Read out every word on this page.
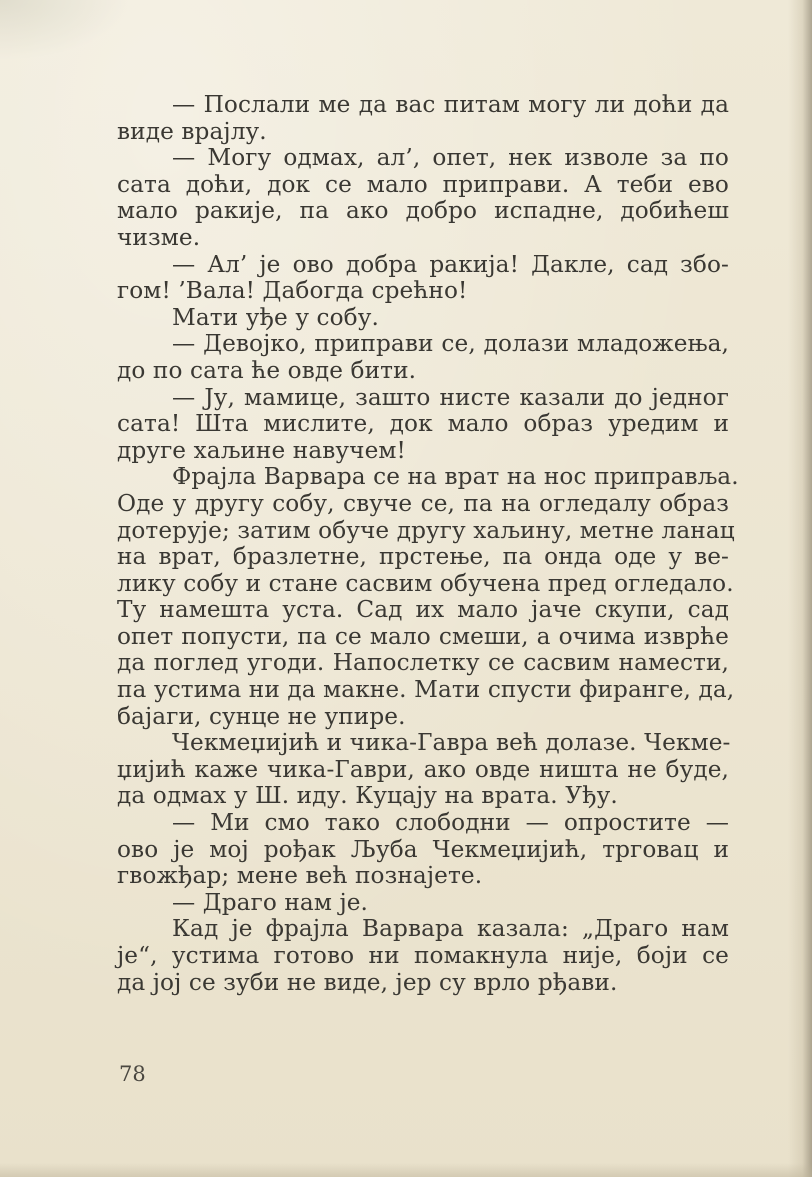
— Послали ме да вас питам могу ли доћи да
виде врајлу.
— Могу одмах, ал’, опет, нек изволе за по
сата доћи, док се мало приправи. А теби ево
мало ракије, па ако добро испадне, добићеш
чизме.
— Ал’ је ово добра ракија! Дакле, сад збо-
гом! ’Вала! Дабогда срећно!
Мати уђе у собу.
— Девојко, приправи се, долази младожења,
до по сата ће овде бити.
— Ју, мамице, зашто нисте казали до једног
сата! Шта мислите, док мало образ уредим и
друге хаљине навучем!
Фрајла Варвара се на врат на нос приправља.
Оде у другу собу, свуче се, па на огледалу образ
дотерује; затим обуче другу хаљину, метне ланац
на врат, бразлетне, прстење, па онда оде у ве-
лику собу и стане сасвим обучена пред огледало.
Ту намешта уста. Сад их мало јаче скупи, сад
опет попусти, па се мало смеши, а очима изврће
да поглед угоди. Напослетку се сасвим намести,
па устима ни да макне. Мати спусти фиранге, да,
бајаги, сунце не упире.
Чекмеџијић и чика-Гавра већ долазе. Чекме-
џијић каже чика-Гаври, ако овде ништа не буде,
да одмах у Ш. иду. Куцају на врата. Уђу.
— Ми смо тако слободни — опростите —
ово је мој рођак Љуба Чекмеџијић, трговац и
гвожђар; мене већ познајете.
— Драго нам је.
Кад је фрајла Варвара казала: „Драго нам
је“, устима готово ни помакнула није, боји се
да јој се зуби не виде, јер су врло рђави.
78
